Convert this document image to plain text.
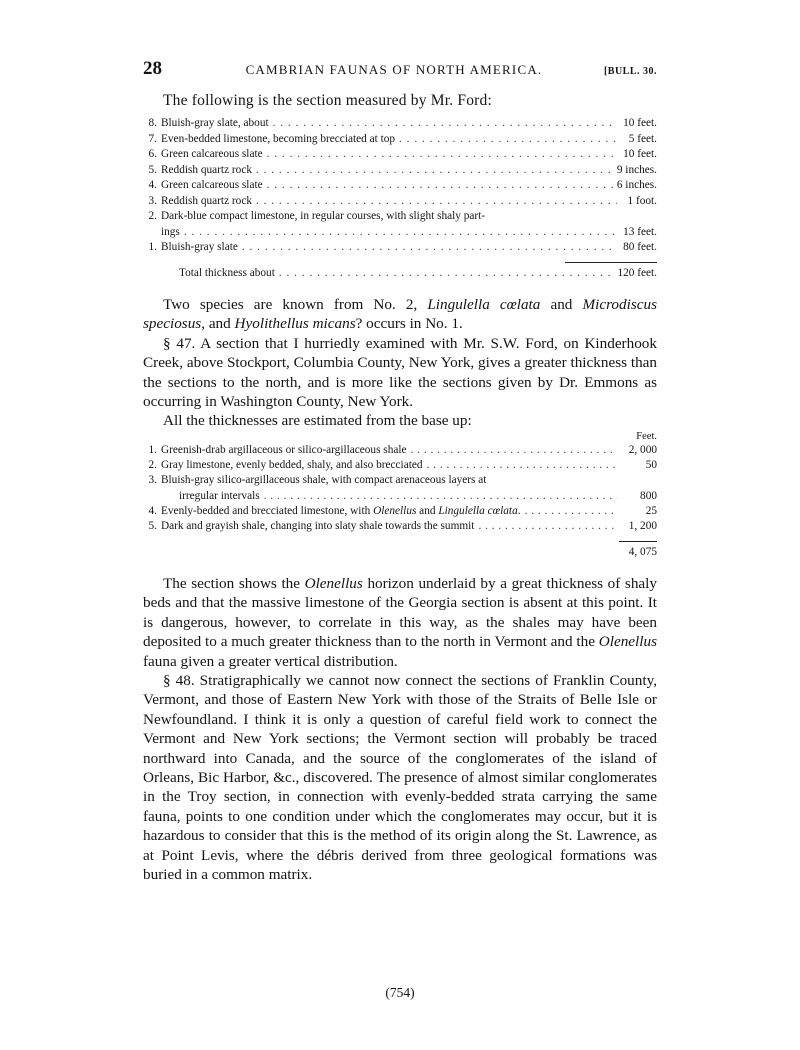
28	CAMBRIAN FAUNAS OF NORTH AMERICA.	[BULL. 30.
The following is the section measured by Mr. Ford:
8. Bluish-gray slate, about . . .	10 feet.
7. Even-bedded limestone, becoming brecciated at top . . .	5 feet.
6. Green calcareous slate . . .	10 feet.
5. Reddish quartz rock . . .	9 inches.
4. Green calcareous slate . . .	6 inches.
3. Reddish quartz rock . . .	1 foot.
2. Dark-blue compact limestone, in regular courses, with slight shaly part-
ings . . .	13 feet.
1. Bluish-gray slate . . .	80 feet.
Total thickness about . . .	120 feet.

Two species are known from No. 2, Lingulella cœlata and Microdiscus speciosus, and Hyolithellus micans? occurs in No. 1.

§ 47. A section that I hurriedly examined with Mr. S.W. Ford, on Kinderhook Creek, above Stockport, Columbia County, New York, gives a greater thickness than the sections to the north, and is more like the sections given by Dr. Emmons as occurring in Washington County, New York.

All the thicknesses are estimated from the base up:

Feet.
1. Greenish-drab argillaceous or silico-argillaceous shale . . .	2, 000
2. Gray limestone, evenly bedded, shaly, and also brecciated . . .	50
3. Bluish-gray silico-argillaceous shale, with compact arenaceous layers at
irregular intervals . . .	800
4. Evenly-bedded and brecciated limestone, with Olenellus and Lingulella cœlata. . . .	25
5. Dark and grayish shale, changing into slaty shale towards the summit . . .	1, 200
4, 075

The section shows the Olenellus horizon underlaid by a great thickness of shaly beds and that the massive limestone of the Georgia section is absent at this point. It is dangerous, however, to correlate in this way, as the shales may have been deposited to a much greater thickness than to the north in Vermont and the Olenellus fauna given a greater vertical distribution.

§ 48. Stratigraphically we cannot now connect the sections of Franklin County, Vermont, and those of Eastern New York with those of the Straits of Belle Isle or Newfoundland. I think it is only a question of careful field work to connect the Vermont and New York sections; the Vermont section will probably be traced northward into Canada, and the source of the conglomerates of the island of Orleans, Bic Harbor, &c., discovered. The presence of almost similar conglomerates in the Troy section, in connection with evenly-bedded strata carrying the same fauna, points to one condition under which the conglomerates may occur, but it is hazardous to consider that this is the method of its origin along the St. Lawrence, as at Point Levis, where the débris derived from three geological formations was buried in a common matrix.

(754)
